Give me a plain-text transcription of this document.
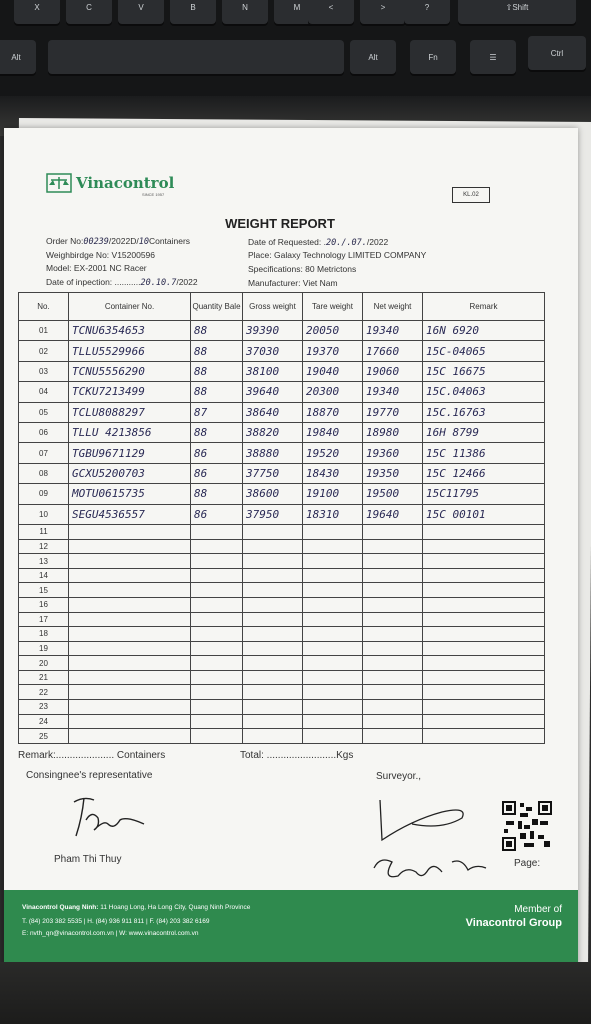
X	C	V	B	N	M	<	>	?	⇧Shift
Alt	Alt	Fn	☰	Ctrl
Vinacontrol
SINCE 1957	KL.02
WEIGHT REPORT
Order No:00239/2022D/10Containers
Weighbirdge No: V15200596
Model: EX-2001 NC Racer
Date of inpection: ...........20.10.7/2022
Date of Requested: .20./.07./2022
Place: Galaxy Technology LIMITED COMPANY
Specifications: 80 Metrictons
Manufacturer: Viet Nam
No.	Container No.	Quantity Bale	Gross weight	Tare weight	Net weight	Remark
01	TCNU6354653	88	39390	20050	19340	16N 6920
02	TLLU5529966	88	37030	19370	17660	15C-04065
03	TCNU5556290	88	38100	19040	19060	15C 16675
04	TCKU7213499	88	39640	20300	19340	15C.04063
05	TCLU8088297	87	38640	18870	19770	15C.16763
06	TLLU 4213856	88	38820	19840	18980	16H 8799
07	TGBU9671129	86	38880	19520	19360	15C 11386
08	GCXU5200703	86	37750	18430	19350	15C 12466
09	MOTU0615735	88	38600	19100	19500	15C11795
10	SEGU4536557	86	37950	18310	19640	15C 00101
11						
12						
13						
14						
15						
16						
17						
18						
19						
20						
21						
22						
23						
24						
25						
Remark:..................... Containers	Total: .........................Kgs
Consingnee's representative	Surveyor.,
Pham Thi Thuy	Page:
Vinacontrol Quang Ninh: 11 Hoang Long, Ha Long City, Quang Ninh Province
T. (84) 203 382 5535 | H. (84) 936 911 811 | F. (84) 203 382 6169
E: nvth_qn@vinacontrol.com.vn | W: www.vinacontrol.com.vn
Member of
Vinacontrol Group
